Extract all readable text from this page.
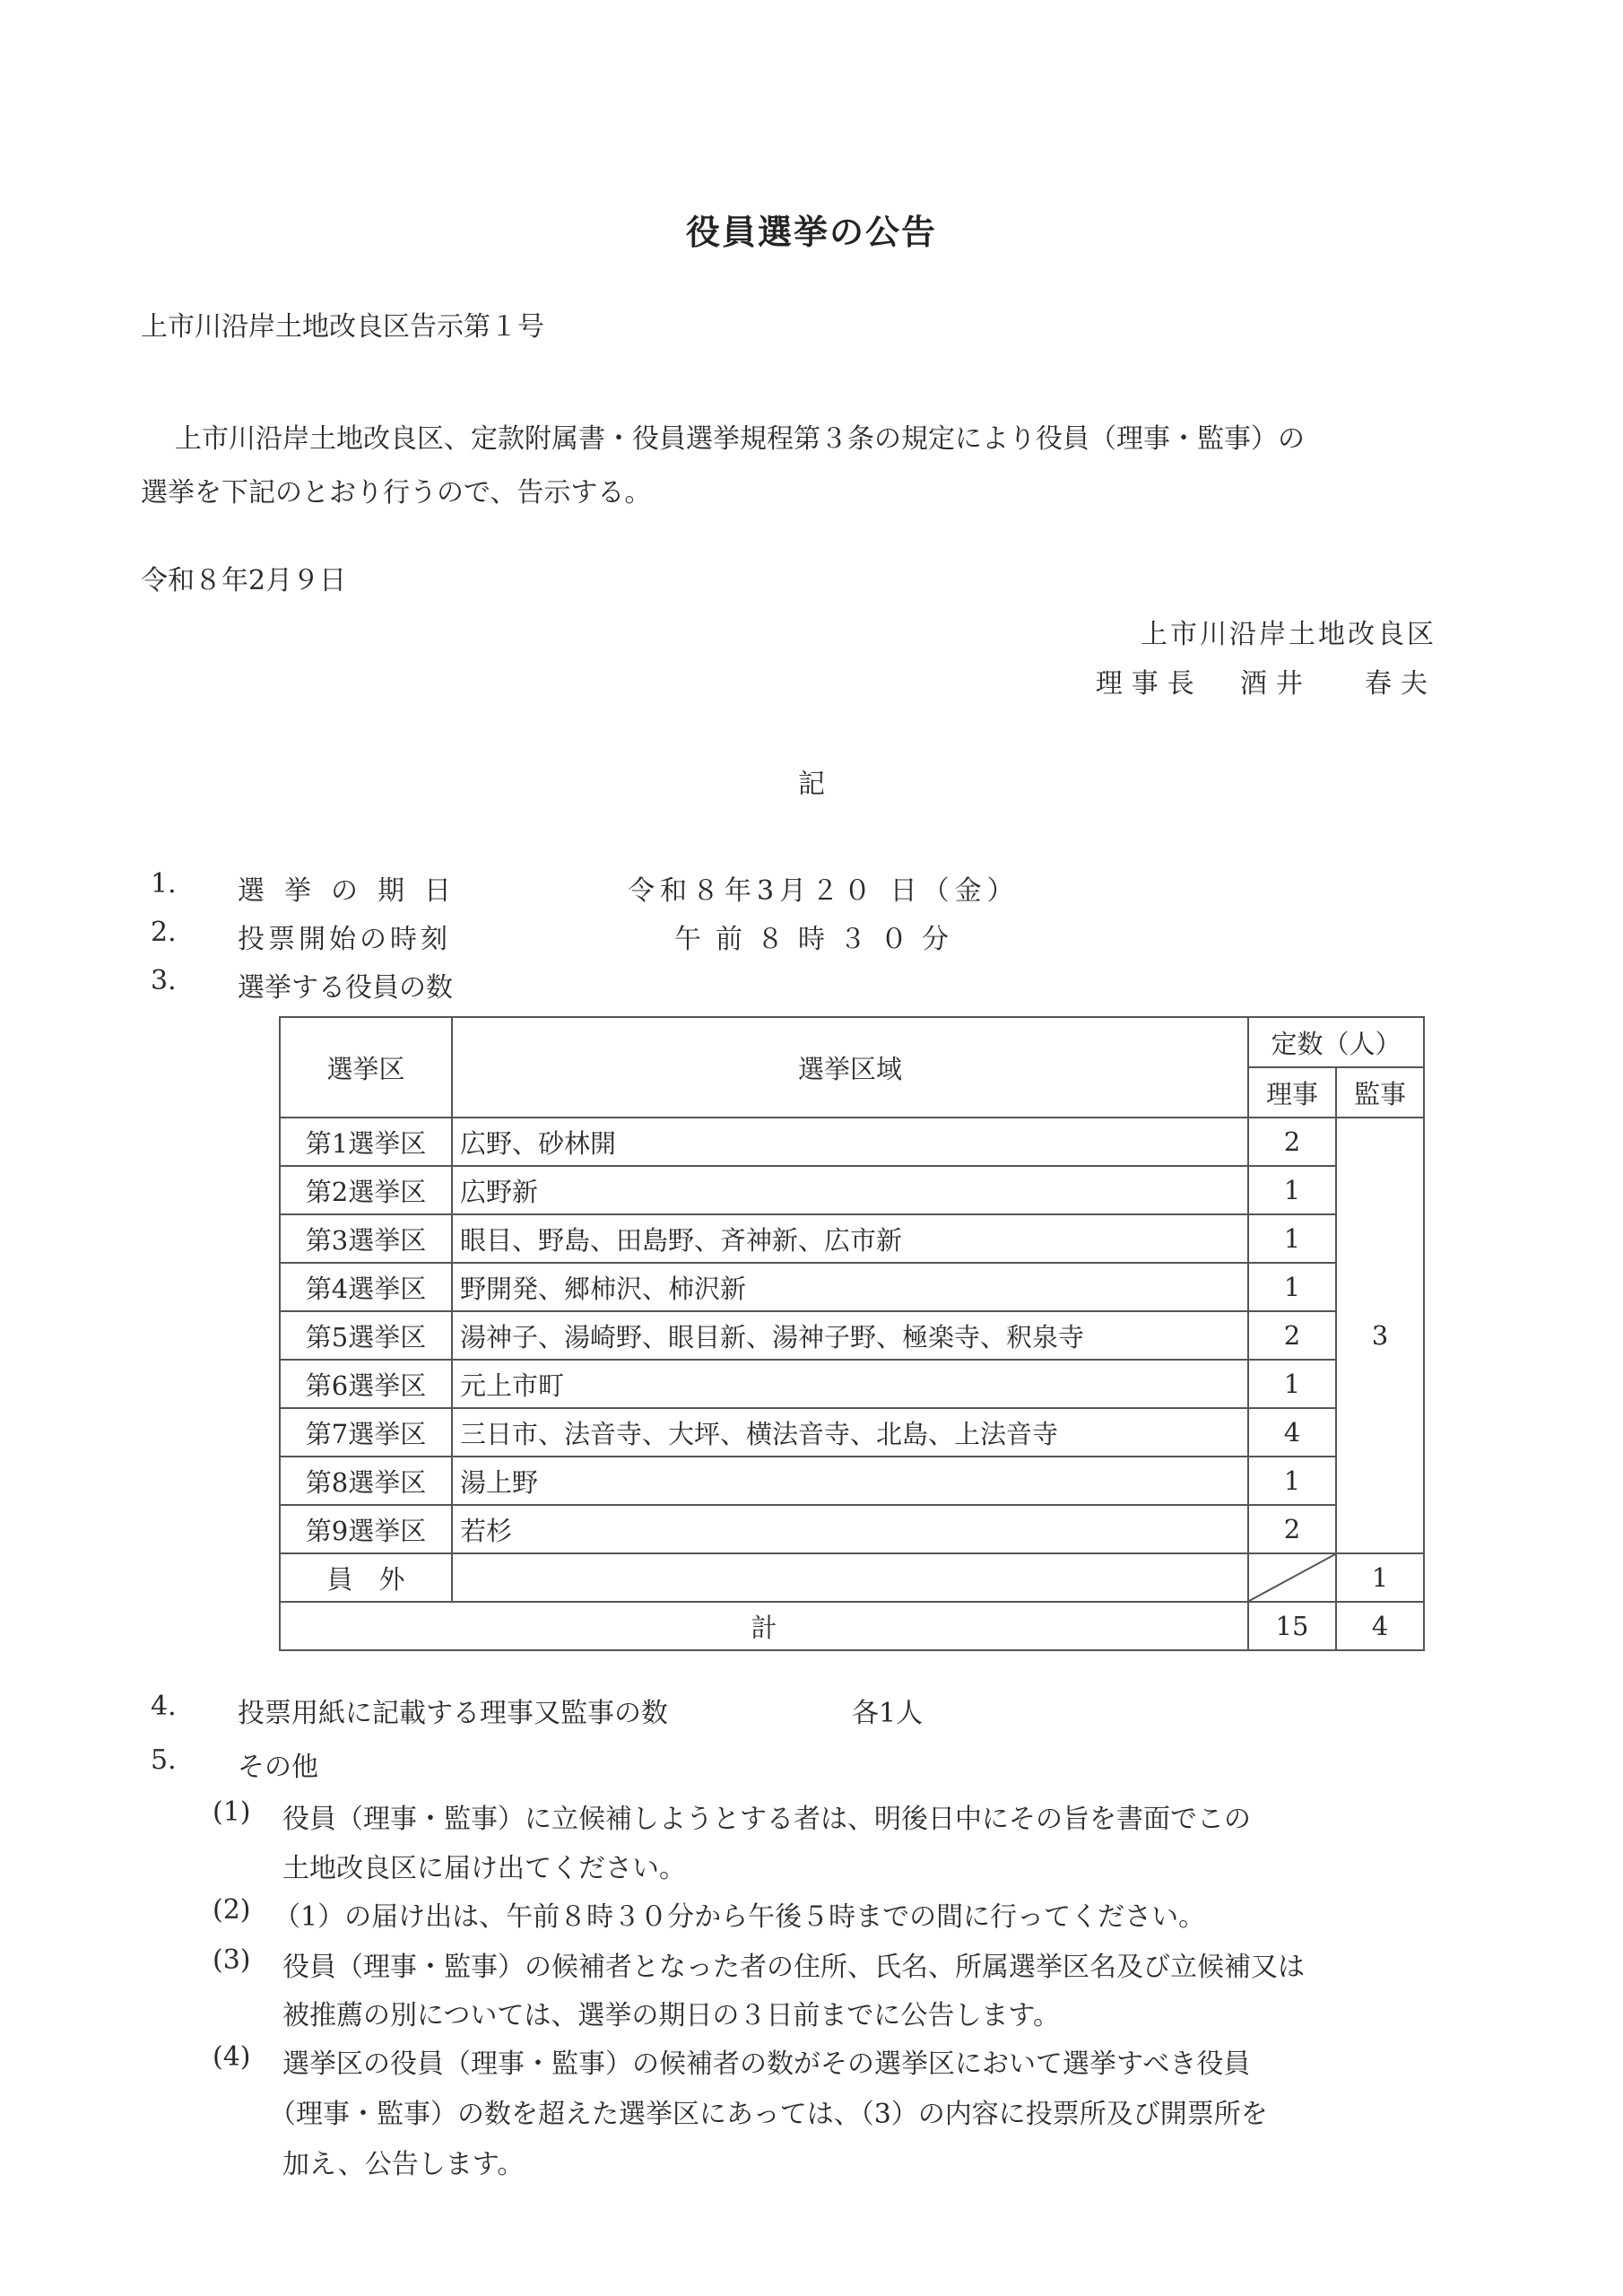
役員選挙の公告
上市川沿岸土地改良区告示第１号
上市川沿岸土地改良区、定款附属書・役員選挙規程第３条の規定により役員（理事・監事）の
選挙を下記のとおり行うので、告示する。
令和８年2月９日
上市川沿岸土地改良区
理事長 酒井 春夫
記
1. 選挙の期日	令和８年3月２０ 日（金）
2. 投票開始の時刻	午前８時３０分
3. 選挙する役員の数
選挙区	選挙区域	定数（人）	
		理事	監事
第1選挙区	広野、砂林開	2	3
第2選挙区	広野新	1	
第3選挙区	眼目、野島、田島野、斉神新、広市新	1	
第4選挙区	野開発、郷柿沢、柿沢新	1	
第5選挙区	湯神子、湯崎野、眼目新、湯神子野、極楽寺、釈泉寺	2	
第6選挙区	元上市町	1	
第7選挙区	三日市、法音寺、大坪、横法音寺、北島、上法音寺	4	
第8選挙区	湯上野	1	
第9選挙区	若杉	2	
員　外			1
計		15	4
4. 投票用紙に記載する理事又監事の数	各1人
5. その他
(1) 役員（理事・監事）に立候補しようとする者は、明後日中にその旨を書面でこの
土地改良区に届け出てください。
(2) （1）の届け出は、午前８時３０分から午後５時までの間に行ってください。
(3) 役員（理事・監事）の候補者となった者の住所、氏名、所属選挙区名及び立候補又は
被推薦の別については、選挙の期日の３日前までに公告します。
(4) 選挙区の役員（理事・監事）の候補者の数がその選挙区において選挙すべき役員
（理事・監事）の数を超えた選挙区にあっては、（3）の内容に投票所及び開票所を
加え、公告します。
